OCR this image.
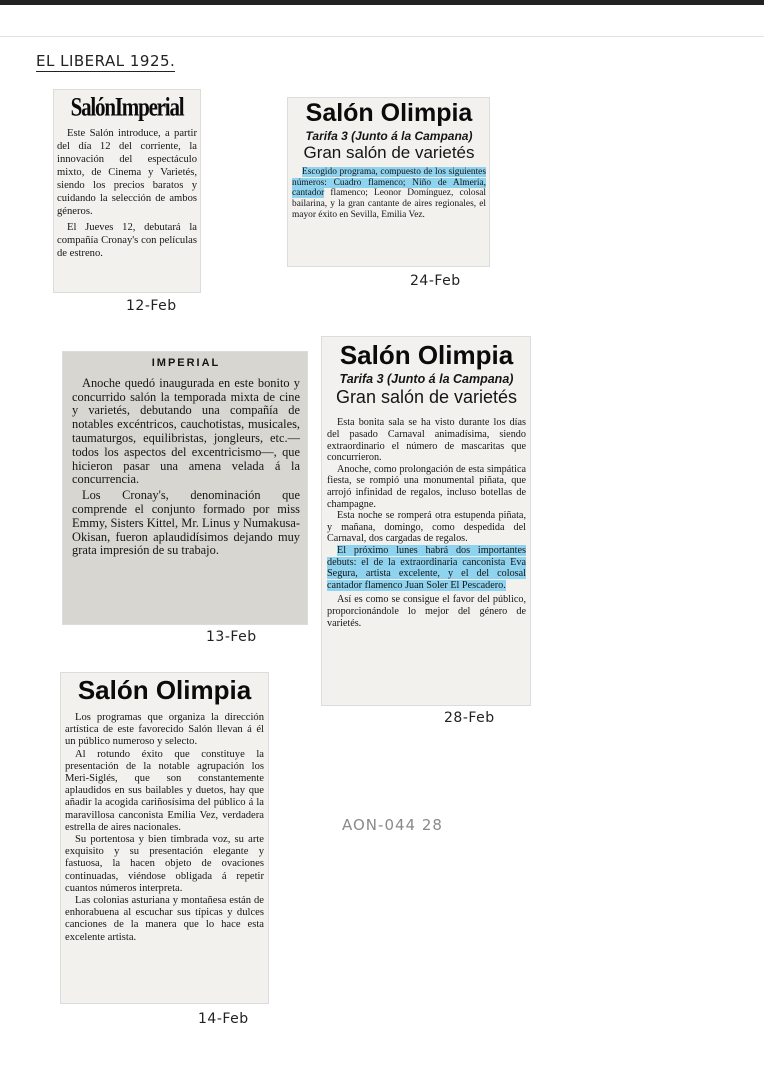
EL LIBERAL 1925.
SalónImperial

Este Salón introduce, a partir del día 12 del corriente, la innovación del espectáculo mixto, de Cinema y Varietés, siendo los precios baratos y cuidando la selección de ambos géneros.

El Jueves 12, debutará la compañía Cronay's con películas de estreno.

12-Feb
Salón Olimpia
Tarifa 3 (Junto á la Campana)
Gran salón de varietés

Escogido programa, compuesto de los siguientes números: Cuadro flamenco; Niño de Almería, cantador flamenco; Leonor Domínguez, colosal bailarina, y la gran cantante de aires regionales, el mayor éxito en Sevilla, Emilia Vez.

24-Feb
IMPERIAL

Anoche quedó inaugurada en este bonito y concurrido salón la temporada mixta de cine y varietés, debutando una compañía de notables excéntricos, cauchotistas, musicales, taumaturgos, equilibristas, jongleurs, etc.—todos los aspectos del excentricismo—, que hicieron pasar una amena velada á la concurrencia.

Los Cronay's, denominación que comprende el conjunto formado por miss Emmy, Sisters Kittel, Mr. Linus y Numakusa-Okisan, fueron aplaudidísimos dejando muy grata impresión de su trabajo.

13-Feb
Salón Olimpia
Tarifa 3 (Junto á la Campana)
Gran salón de varietés

Esta bonita sala se ha visto durante los días del pasado Carnaval animadísima, siendo extraordinario el número de mascaritas que concurrieron.

Anoche, como prolongación de esta simpática fiesta, se rompió una monumental piñata, que arrojó infinidad de regalos, incluso botellas de champagne.

Esta noche se romperá otra estupenda piñata, y mañana, domingo, como despedida del Carnaval, dos cargadas de regalos.

El próximo lunes habrá dos importantes debuts: el de la extraordinaria canconista Eva Segura, artista excelente, y el del colosal cantador flamenco Juan Soler El Pescadero.

Así es como se consigue el favor del público, proporcionándole lo mejor del género de varietés.

28-Feb
AON-044 28
Salón Olimpia

Los programas que organiza la dirección artística de este favorecido Salón llevan á él un público numeroso y selecto.

Al rotundo éxito que constituye la presentación de la notable agrupación los Meri-Siglés, que son constantemente aplaudidos en sus bailables y duetos, hay que añadir la acogida cariñosísima del público á la maravillosa canconista Emilia Vez, verdadera estrella de aires nacionales.

Su portentosa y bien timbrada voz, su arte exquisito y su presentación elegante y fastuosa, la hacen objeto de ovaciones continuadas, viéndose obligada á repetir cuantos números interpreta.

Las colonias asturiana y montañesa están de enhorabuena al escuchar sus típicas y dulces canciones de la manera que lo hace esta excelente artista.

14-Feb
